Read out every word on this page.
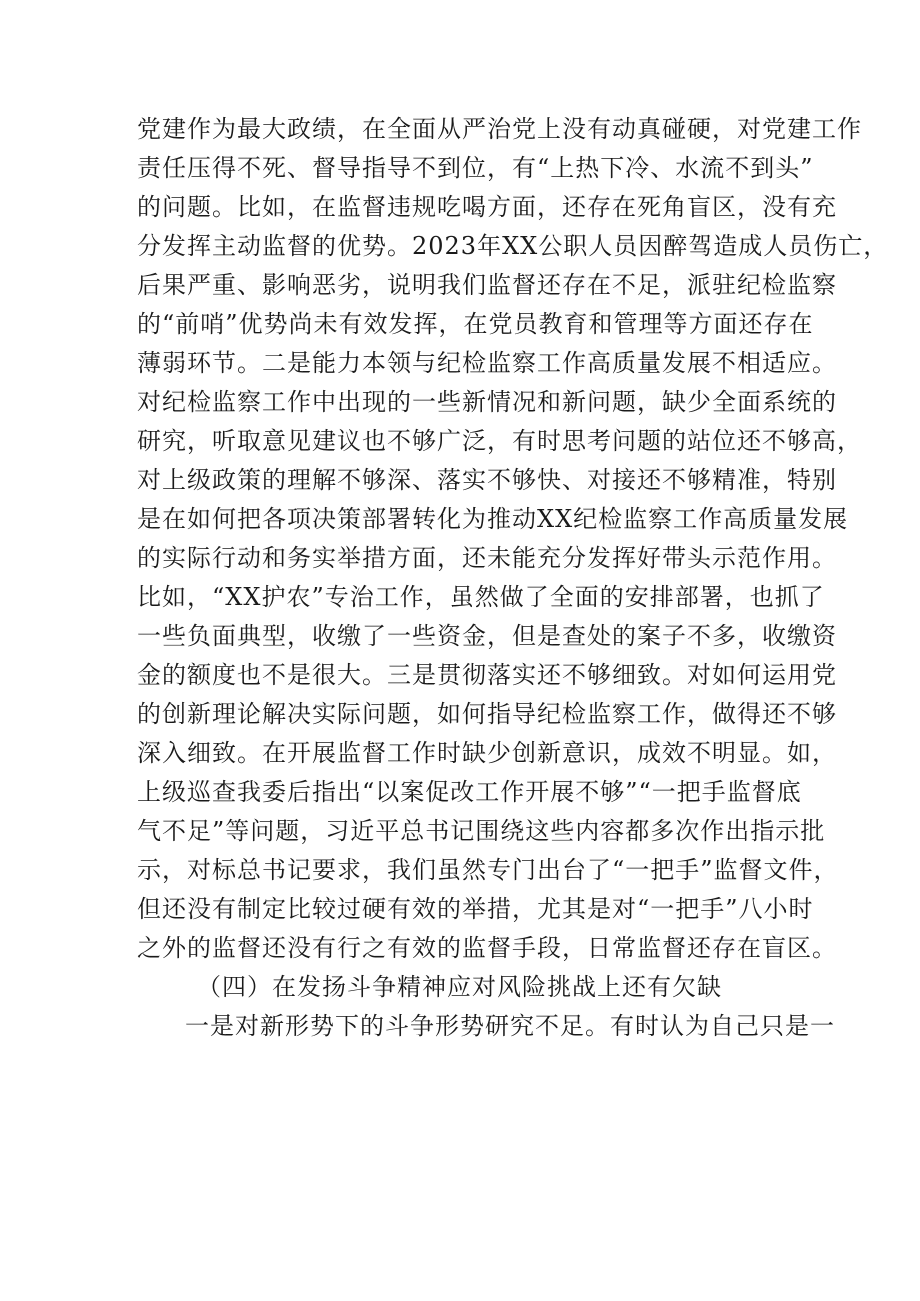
党建作为最大政绩，在全面从严治党上没有动真碰硬，对党建工作
责任压得不死、督导指导不到位，有“上热下冷、水流不到头”
的问题。比如，在监督违规吃喝方面，还存在死角盲区，没有充
分发挥主动监督的优势。2023年XX公职人员因醉驾造成人员伤亡，
后果严重、影响恶劣，说明我们监督还存在不足，派驻纪检监察
的“前哨”优势尚未有效发挥，在党员教育和管理等方面还存在
薄弱环节。二是能力本领与纪检监察工作高质量发展不相适应。
对纪检监察工作中出现的一些新情况和新问题，缺少全面系统的
研究，听取意见建议也不够广泛，有时思考问题的站位还不够高，
对上级政策的理解不够深、落实不够快、对接还不够精准，特别
是在如何把各项决策部署转化为推动XX纪检监察工作高质量发展
的实际行动和务实举措方面，还未能充分发挥好带头示范作用。
比如，“XX护农”专治工作，虽然做了全面的安排部署，也抓了
一些负面典型，收缴了一些资金，但是查处的案子不多，收缴资
金的额度也不是很大。三是贯彻落实还不够细致。对如何运用党
的创新理论解决实际问题，如何指导纪检监察工作，做得还不够
深入细致。在开展监督工作时缺少创新意识，成效不明显。如，
上级巡查我委后指出“以案促改工作开展不够”“一把手监督底
气不足”等问题，习近平总书记围绕这些内容都多次作出指示批
示，对标总书记要求，我们虽然专门出台了“一把手”监督文件，
但还没有制定比较过硬有效的举措，尤其是对“一把手”八小时
之外的监督还没有行之有效的监督手段，日常监督还存在盲区。
（四）在发扬斗争精神应对风险挑战上还有欠缺
一是对新形势下的斗争形势研究不足。有时认为自己只是一
